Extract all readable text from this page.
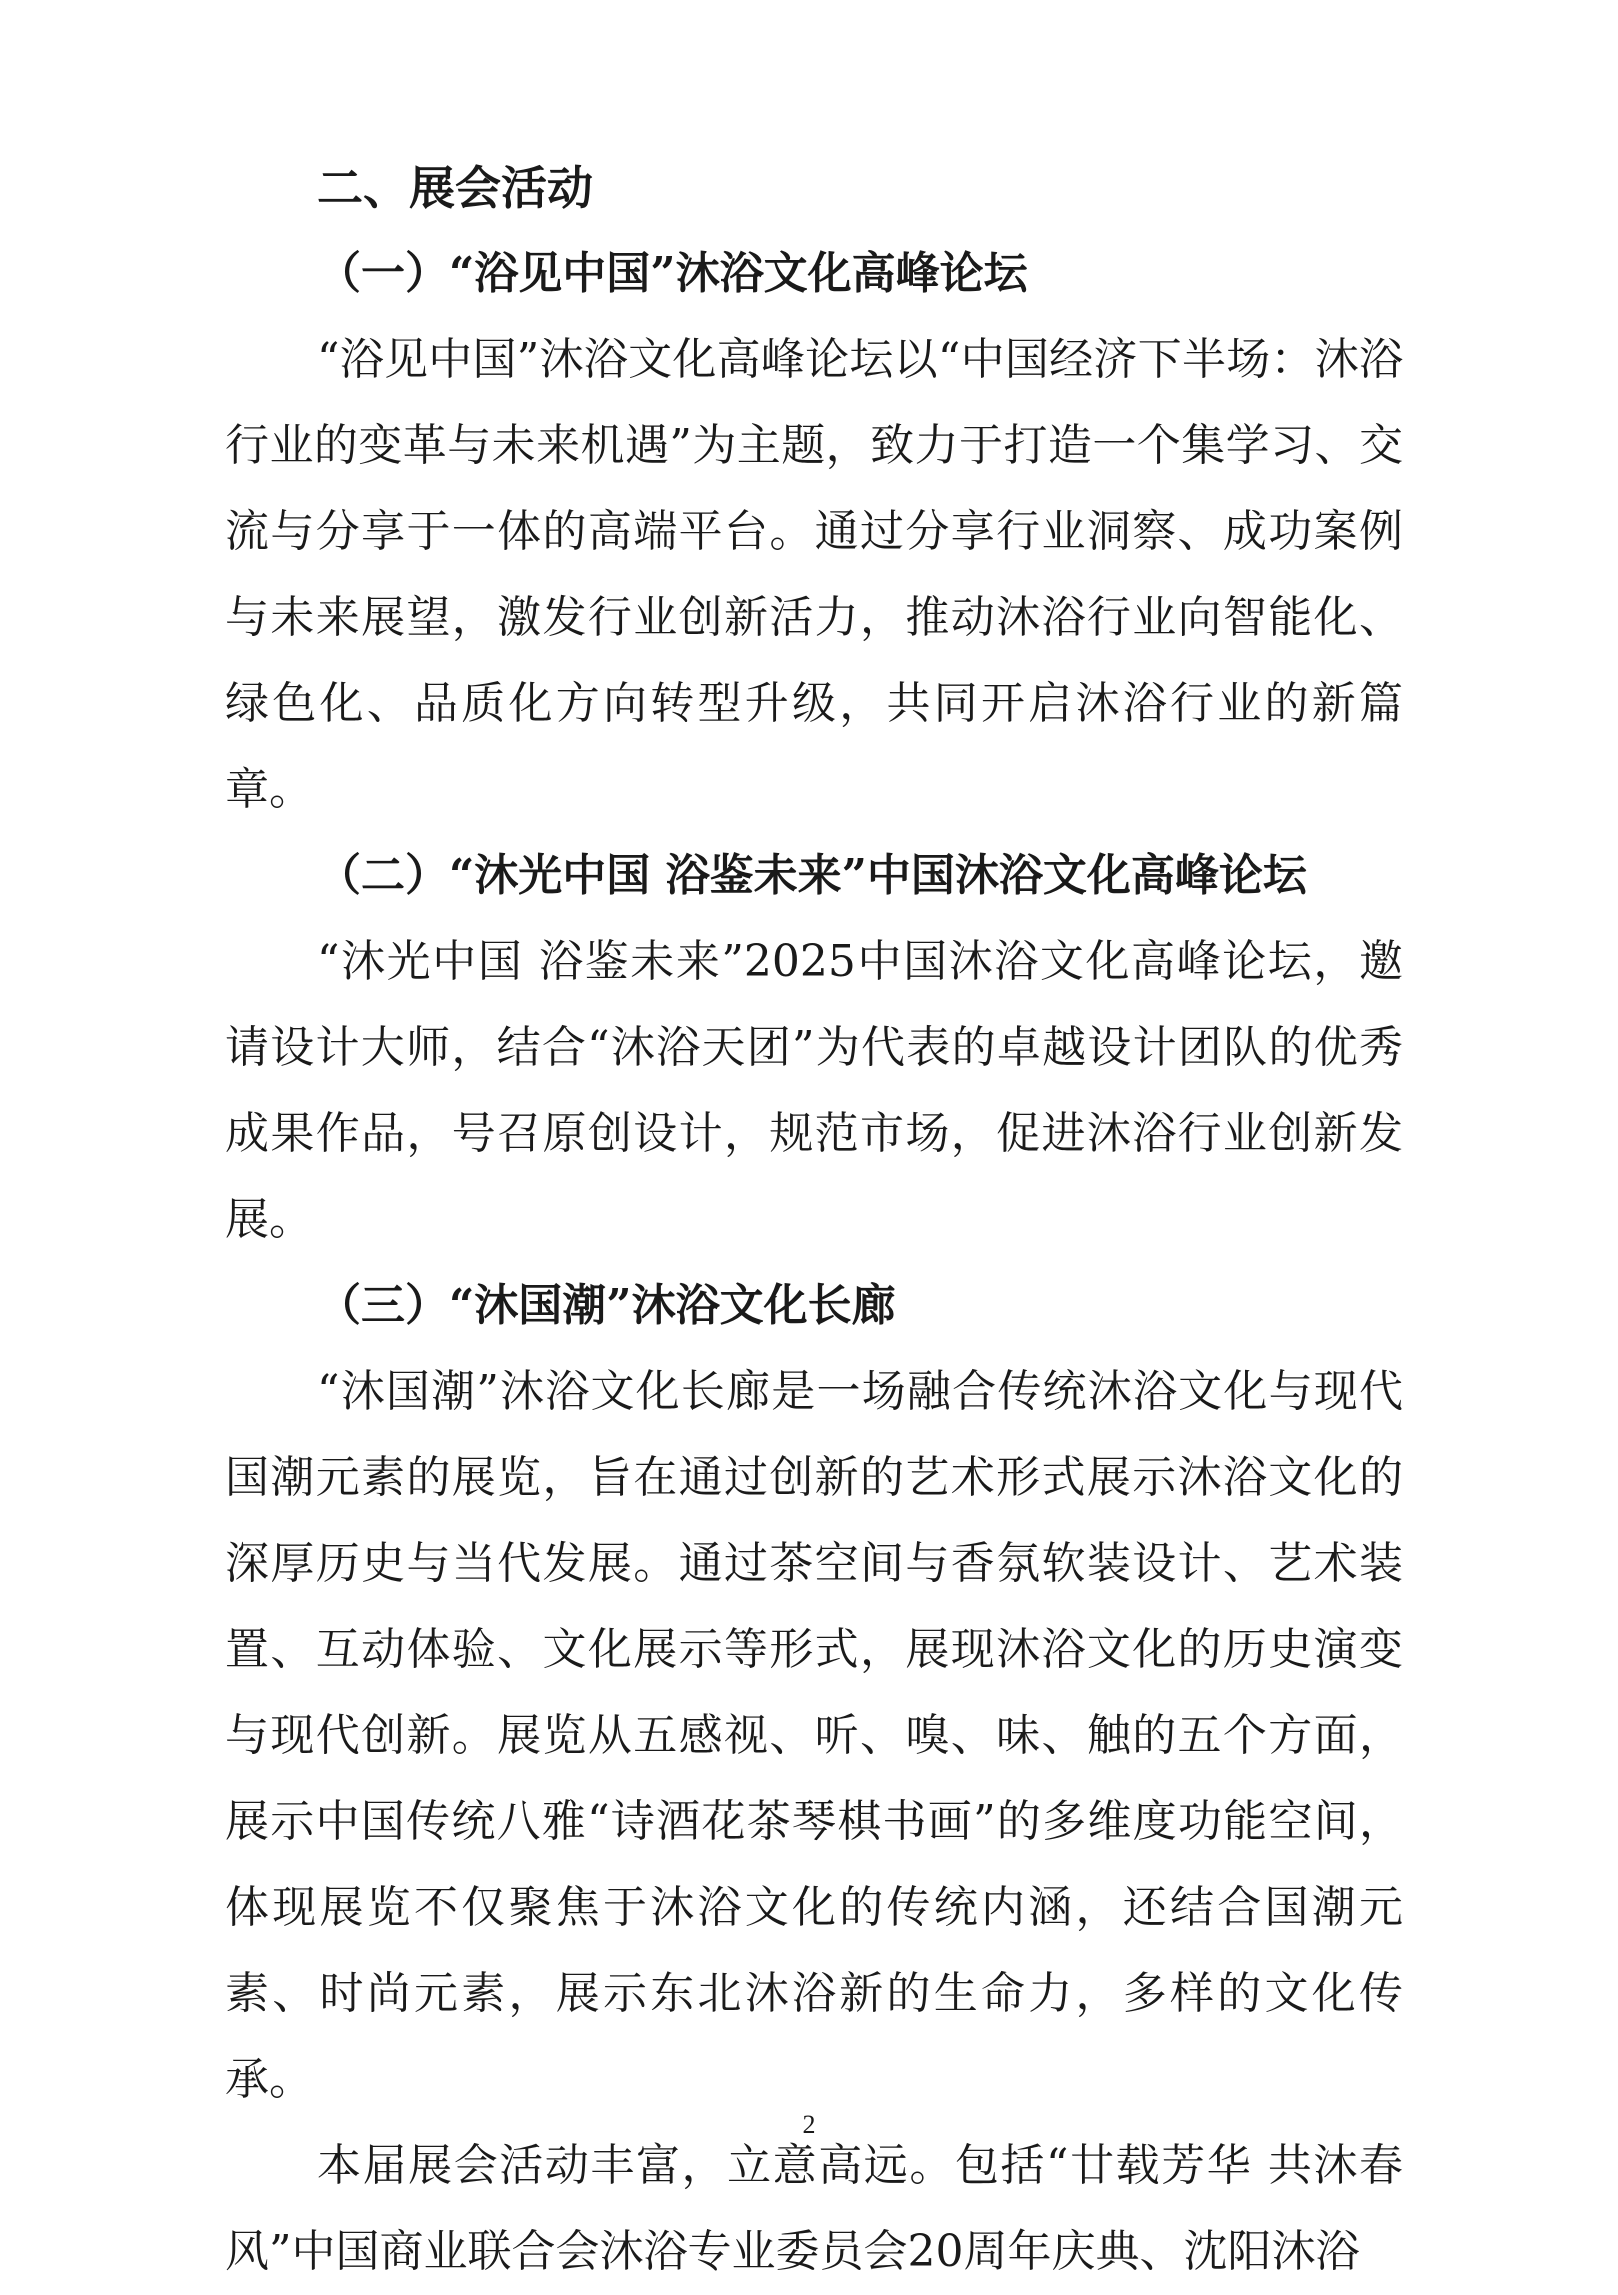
二、展会活动

（一）“浴见中国”沐浴文化高峰论坛

“浴见中国”沐浴文化高峰论坛以“中国经济下半场：沐浴行业的变革与未来机遇”为主题，致力于打造一个集学习、交流与分享于一体的高端平台。通过分享行业洞察、成功案例与未来展望，激发行业创新活力，推动沐浴行业向智能化、绿色化、品质化方向转型升级，共同开启沐浴行业的新篇章。

（二）“沐光中国 浴鉴未来”中国沐浴文化高峰论坛

“沐光中国 浴鉴未来”2025中国沐浴文化高峰论坛，邀请设计大师，结合“沐浴天团”为代表的卓越设计团队的优秀成果作品，号召原创设计，规范市场，促进沐浴行业创新发展。

（三）“沐国潮”沐浴文化长廊

“沐国潮”沐浴文化长廊是一场融合传统沐浴文化与现代国潮元素的展览，旨在通过创新的艺术形式展示沐浴文化的深厚历史与当代发展。通过茶空间与香氛软装设计、艺术装置、互动体验、文化展示等形式，展现沐浴文化的历史演变与现代创新。展览从五感视、听、嗅、味、触的五个方面，展示中国传统八雅“诗酒花茶琴棋书画”的多维度功能空间，体现展览不仅聚焦于沐浴文化的传统内涵，还结合国潮元素、时尚元素，展示东北沐浴新的生命力，多样的文化传承。

本届展会活动丰富，立意高远。包括“廿载芳华 共沐春风”中国商业联合会沐浴专业委员会20周年庆典、沈阳沐浴

2
